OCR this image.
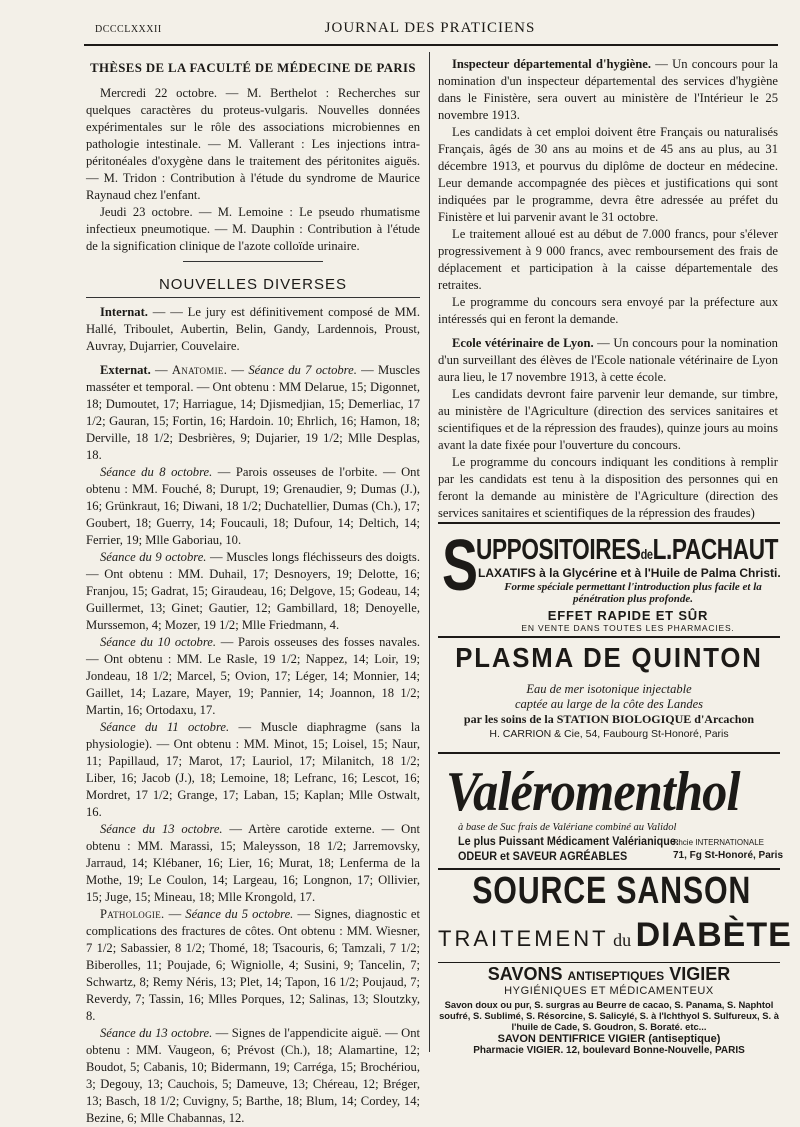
DCCCLXXXII	JOURNAL DES PRATICIENS
THÈSES DE LA FACULTÉ DE MÉDECINE DE PARIS

Mercredi 22 octobre. — M. Berthelot : Recherches sur quelques caractères du proteus-vulgaris. Nouvelles données expérimentales sur le rôle des associations microbiennes en pathologie intestinale. — M. Vallerant : Les injections intra-péritonéales d'oxygène dans le traitement des péritonites aiguës. — M. Tridon : Contribution à l'étude du syndrome de Maurice Raynaud chez l'enfant.

Jeudi 23 octobre. — M. Lemoine : Le pseudo rhumatisme infectieux pneumotique. — M. Dauphin : Contribution à l'étude de la signification clinique de l'azote colloïde urinaire.

NOUVELLES DIVERSES

Internat. — — Le jury est définitivement composé de MM. Hallé, Triboulet, Aubertin, Belin, Gandy, Lardennois, Proust, Auvray, Dujarrier, Couvelaire.

Externat. — Anatomie. — Séance du 7 octobre. — Muscles masséter et temporal. — Ont obtenu : MM Delarue, 15; Digonnet, 18; Dumoutet, 17; Harriague, 14; Djismedjian, 15; Demerliac, 17 1/2; Gauran, 15; Fortin, 16; Hardoin. 10; Ehrlich, 16; Hamon, 18; Derville, 18 1/2; Desbrières, 9; Dujarier, 19 1/2; Mlle Desplas, 18.

Séance du 8 octobre. — Parois osseuses de l'orbite. — Ont obtenu : MM. Fouché, 8; Durupt, 19; Grenaudier, 9; Dumas (J.), 16; Grünkraut, 16; Diwani, 18 1/2; Duchatellier, Dumas (Ch.), 17; Goubert, 18; Guerry, 14; Foucauli, 18; Dufour, 14; Deltich, 14; Ferrier, 19; Mlle Gaboriau, 10.

Séance du 9 octobre. — Muscles longs fléchisseurs des doigts. — Ont obtenu : MM. Duhail, 17; Desnoyers, 19; Delotte, 16; Franjou, 15; Gadrat, 15; Giraudeau, 16; Delgove, 15; Godeau, 14; Guillermet, 13; Ginet; Gautier, 12; Gambillard, 18; Denoyelle, Murssemon, 4; Mozer, 19 1/2; Mlle Friedmann, 4.

Séance du 10 octobre. — Parois osseuses des fosses navales. — Ont obtenu : MM. Le Rasle, 19 1/2; Nappez, 14; Loir, 19; Jondeau, 18 1/2; Marcel, 5; Ovion, 17; Léger, 14; Monnier, 14; Gaillet, 14; Lazare, Mayer, 19; Pannier, 14; Joannon, 18 1/2; Martin, 16; Ortodaxu, 17.

Séance du 11 octobre. — Muscle diaphragme (sans la physiologie). — Ont obtenu : MM. Minot, 15; Loisel, 15; Naur, 11; Papillaud, 17; Marot, 17; Lauriol, 17; Milanitch, 18 1/2; Liber, 16; Jacob (J.), 18; Lemoine, 18; Lefranc, 16; Lescot, 16; Mordret, 17 1/2; Grange, 17; Laban, 15; Kaplan; Mlle Ostwalt, 16.

Séance du 13 octobre. — Artère carotide externe. — Ont obtenu : MM. Marassi, 15; Maleysson, 18 1/2; Jarremovsky, Jarraud, 14; Klébaner, 16; Lier, 16; Murat, 18; Lenferma de la Mothe, 19; Le Coulon, 14; Largeau, 16; Longnon, 17; Ollivier, 15; Juge, 15; Mineau, 18; Mlle Krongold, 17.

Pathologie. — Séance du 5 octobre. — Signes, diagnostic et complications des fractures de côtes. Ont obtenu : MM. Wiesner, 7 1/2; Sabassier, 8 1/2; Thomé, 18; Tsacouris, 6; Tamzali, 7 1/2; Biberolles, 11; Poujade, 6; Wigniolle, 4; Susini, 9; Tancelin, 7; Schwartz, 8; Remy Néris, 13; Plet, 14; Tapon, 16 1/2; Poujaud, 7; Reverdy, 7; Tassin, 16; Mlles Porques, 12; Salinas, 13; Sloutzky, 8.

Séance du 13 octobre. — Signes de l'appendicite aiguë. — Ont obtenu : MM. Vaugeon, 6; Prévost (Ch.), 18; Alamartine, 12; Boudot, 5; Cabanis, 10; Bidermann, 19; Carréga, 15; Brochériou, 3; Degouy, 13; Cauchois, 5; Dameuve, 13; Chéreau, 12; Bréger, 13; Basch, 18 1/2; Cuvigny, 5; Barthe, 18; Blum, 14; Cordey, 14; Bezine, 6; Mlle Chabannas, 12.

Inspecteur départemental d'hygiène. — Un concours pour la nomination d'un inspecteur départemental des services d'hygiène dans le Finistère, sera ouvert au ministère de l'Intérieur le 25 novembre 1913.

Les candidats à cet emploi doivent être Français ou naturalisés Français, âgés de 30 ans au moins et de 45 ans au plus, au 31 décembre 1913, et pourvus du diplôme de docteur en médecine. Leur demande accompagnée des pièces et justifications qui sont indiquées par le programme, devra être adressée au préfet du Finistère et lui parvenir avant le 31 octobre.

Le traitement alloué est au début de 7.000 francs, pour s'élever progressivement à 9 000 francs, avec remboursement des frais de déplacement et participation à la caisse départementale des retraites.

Le programme du concours sera envoyé par la préfecture aux intéressés qui en feront la demande.

Ecole vétérinaire de Lyon. — Un concours pour la nomination d'un surveillant des élèves de l'Ecole nationale vétérinaire de Lyon aura lieu, le 17 novembre 1913, à cette école.

Les candidats devront faire parvenir leur demande, sur timbre, au ministère de l'Agriculture (direction des services sanitaires et scientifiques et de la répression des fraudes), quinze jours au moins avant la date fixée pour l'ouverture du concours.

Le programme du concours indiquant les conditions à remplir par les candidats est tenu à la disposition des personnes qui en feront la demande au ministère de l'Agriculture (direction des services sanitaires et scientifiques de la répression des fraudes)

S
UPPOSITOIRESdeL.PACHAUT
LAXATIFS à la Glycérine et à l'Huile de Palma Christi.
Forme spéciale permettant l'introduction plus facile et la pénétration plus profonde.
EFFET RAPIDE ET SÛR
EN VENTE DANS TOUTES LES PHARMACIES.
PLASMA DE QUINTON
Eau de mer isotonique injectable
captée au large de la côte des Landes
par les soins de la STATION BIOLOGIQUE d'Arcachon
H. CARRION & Cie, 54, Faubourg St-Honoré, Paris
Valéromenthol
à base de Suc frais de Valériane combiné au Validol
Le plus Puissant Médicament Valérianique.
ODEUR et SAVEUR AGRÉABLES
Phcie INTERNATIONALE
71, Fg St-Honoré, Paris
SOURCE SANSON
TRAITEMENT du DIABÈTE
SAVONS ANTISEPTIQUES VIGIER
HYGIÉNIQUES ET MÉDICAMENTEUX
Savon doux ou pur, S. surgras au Beurre de cacao, S. Panama, S. Naphtol soufré, S. Sublimé, S. Résorcine, S. Salicylé, S. à l'Ichthyol S. Sulfureux, S. à l'huile de Cade, S. Goudron, S. Boraté. etc...
SAVON DENTIFRICE VIGIER (antiseptique)
Pharmacie VIGIER. 12, boulevard Bonne-Nouvelle, PARIS
